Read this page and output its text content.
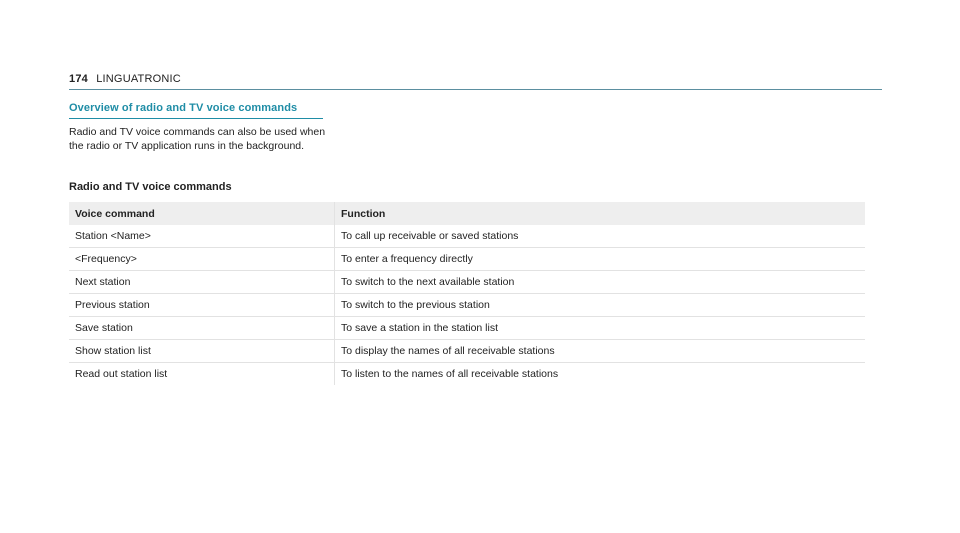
174 LINGUATRONIC
Overview of radio and TV voice commands
Radio and TV voice commands can also be used when the radio or TV application runs in the background.
Radio and TV voice commands
Voice command	Function
Station <Name>	To call up receivable or saved stations
<Frequency>	To enter a frequency directly
Next station	To switch to the next available station
Previous station	To switch to the previous station
Save station	To save a station in the station list
Show station list	To display the names of all receivable stations
Read out station list	To listen to the names of all receivable stations
